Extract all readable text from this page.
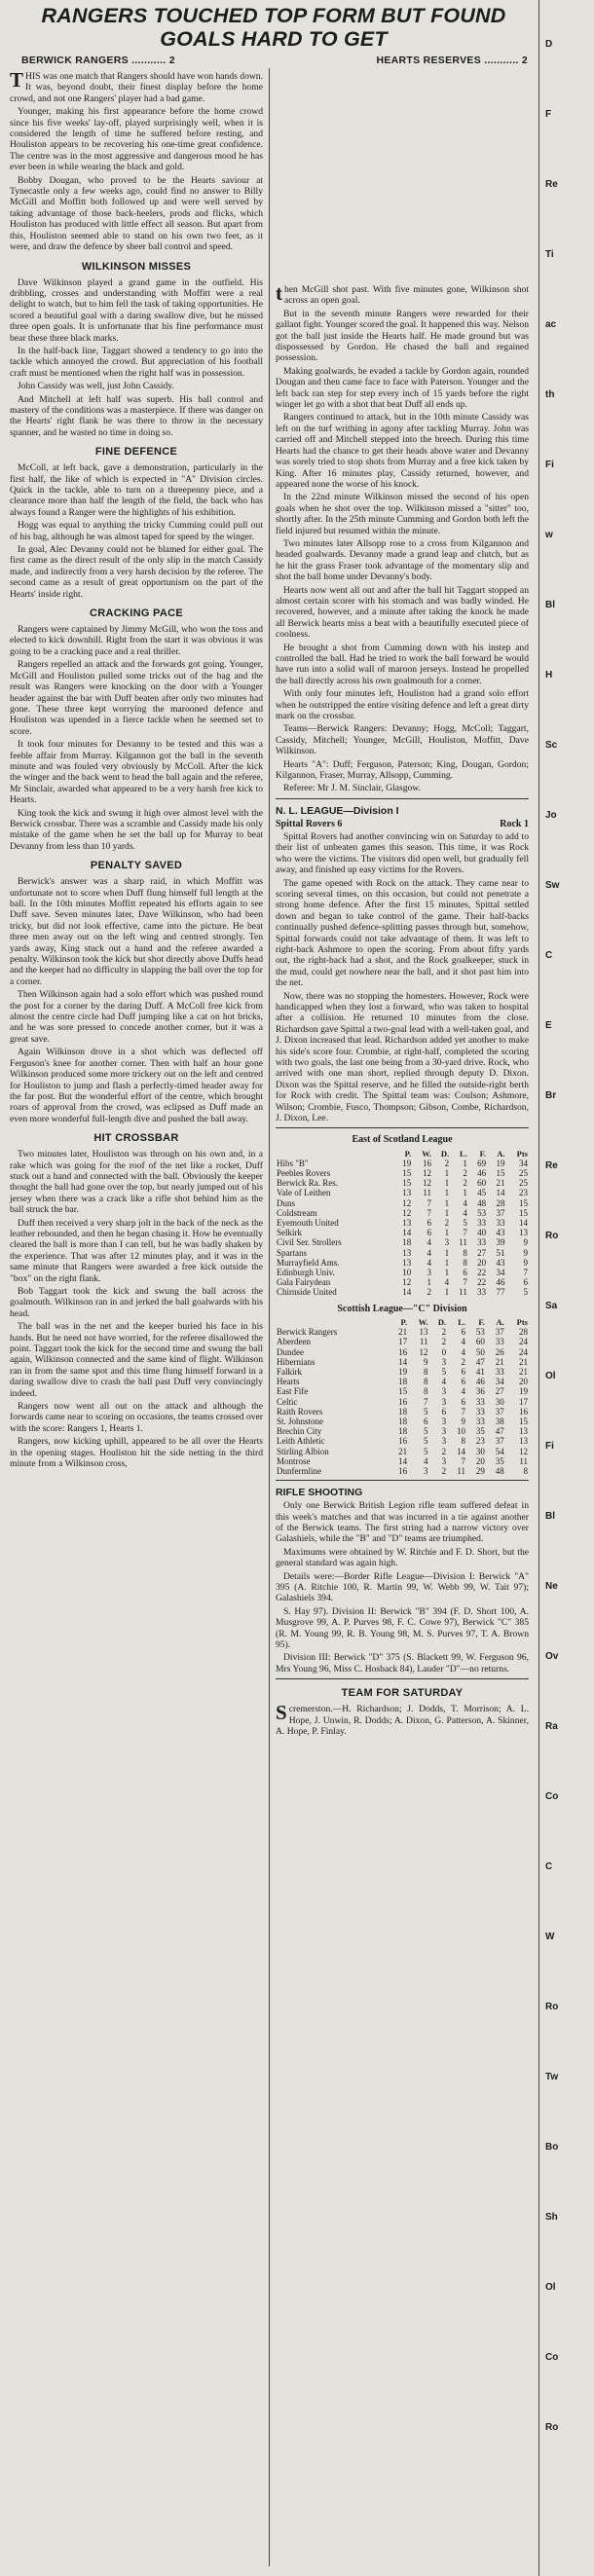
RANGERS TOUCHED TOP FORM BUT FOUND GOALS HARD TO GET
BERWICK RANGERS ........... 2	HEARTS RESERVES ........... 2

THIS was one match that Rangers should have won hands down. It was, beyond doubt, their finest display before the home crowd, and not one Rangers' player had a bad game.

Younger, making his first appearance before the home crowd since his five weeks' lay-off, played surprisingly well, when it is considered the length of time he suffered before resting, and Houliston appears to be recovering his one-time great confidence. The centre was in the most aggressive and dangerous mood he has ever been in while wearing the black and gold.

Bobby Dougan, who proved to be the Hearts saviour at Tynecastle only a few weeks ago, could find no answer to Billy McGill and Moffitt both followed up and were well served by taking advantage of those back-heelers, prods and flicks, which Houliston has produced with little effect all season. But apart from this, Houliston seemed able to stand on his own two feet, as it were, and draw the defence by sheer ball control and speed.

WILKINSON MISSES

Dave Wilkinson played a grand game in the outfield. His dribbling, crosses and understanding with Moffitt were a real delight to watch, but to him fell the task of taking opportunities. He scored a beautiful goal with a daring swallow dive, but he missed three open goals. It is unfortunate that his fine performance must bear these three black marks.

In the half-back line, Taggart showed a tendency to go into the tackle which annoyed the crowd. But appreciation of his football craft must be mentioned when the right half was in possession.

John Cassidy was well, just John Cassidy.

And Mitchell at left half was superb. His ball control and mastery of the conditions was a masterpiece. If there was danger on the Hearts' right flank he was there to throw in the necessary spanner, and he wasted no time in doing so.

FINE DEFENCE

McColl, at left back, gave a demonstration, particularly in the first half, the like of which is expected in "A" Division circles. Quick in the tackle, able to turn on a threepenny piece, and a clearance more than half the length of the field, the back who has always found a Ranger were the highlights of his exhibition.

Hogg was equal to anything the tricky Cumming could pull out of his bag, although he was almost taped for speed by the winger.

In goal, Alec Devanny could not be blamed for either goal. The first came as the direct result of the only slip in the match Cassidy made, and indirectly from a very harsh decision by the referee. The second came as a result of great opportunism on the part of the Hearts' inside right.

CRACKING PACE

Rangers were captained by Jimmy McGill, who won the toss and elected to kick downhill. Right from the start it was obvious it was going to be a cracking pace and a real thriller.

Rangers repelled an attack and the forwards got going. Younger, McGill and Houliston pulled some tricks out of the bag and the result was Rangers were knocking on the door with a Younger header against the bar with Duff beaten after only two minutes had gone. These three kept worrying the marooned defence and Houliston was upended in a fierce tackle when he seemed set to score.

It took four minutes for Devanny to be tested and this was a feeble affair from Murray. Kilgannon got the ball in the seventh minute and was fouled very obviously by McColl. After the kick the winger and the back went to head the ball again and the referee, Mr Sinclair, awarded what appeared to be a very harsh free kick to Hearts.

King took the kick and swung it high over almost level with the Berwick crossbar. There was a scramble and Cassidy made his only mistake of the game when he set the ball up for Murray to beat Devanny from less than 10 yards.

PENALTY SAVED

Berwick's answer was a sharp raid, in which Moffitt was unfortunate not to score when Duff flung himself full length at the ball. In the 10th minutes Moffitt repeated his efforts again to see Duff save. Seven minutes later, Dave Wilkinson, who had been tricky, but did not look effective, came into the picture. He beat three men away out on the left wing and centred strongly. Ten yards away, King stuck out a hand and the referee awarded a penalty. Wilkinson took the kick but shot directly above Duffs head and the keeper had no difficulty in slapping the ball over the top for a corner.

Then Wilkinson again had a solo effort which was pushed round the post for a corner by the daring Duff. A McColl free kick from almost the centre circle had Duff jumping like a cat on hot bricks, and he was sore pressed to concede another corner, but it was a great save.

Again Wilkinson drove in a shot which was deflected off Ferguson's knee for another corner. Then with half an hour gone Wilkinson produced some more trickery out on the left and centred for Houliston to jump and flash a perfectly-timed header away for the far post. But the wonderful effort of the centre, which brought roars of approval from the crowd, was eclipsed as Duff made an even more wonderful full-length dive and pushed the ball away.

HIT CROSSBAR

Two minutes later, Houliston was through on his own and, in a rake which was going for the roof of the net like a rocket, Duff stuck out a hand and connected with the ball. Obviously the keeper thought the ball had gone over the top, but nearly jumped out of his jersey when there was a crack like a rifle shot behind him as the ball struck the bar.

Duff then received a very sharp jolt in the back of the neck as the leather rebounded, and then he began chasing it. How he eventually cleared the ball is more than I can tell, but he was badly shaken by the experience. That was after 12 minutes play, and it was in the same minute that Rangers were awarded a free kick outside the "box" on the right flank.

Bob Taggart took the kick and swung the ball across the goalmouth. Wilkinson ran in and jerked the ball goalwards with his head.

The ball was in the net and the keeper buried his face in his hands. But he need not have worried, for the referee disallowed the point. Taggart took the kick for the second time and swung the ball again, Wilkinson connected and the same kind of flight. Wilkinson ran in from the same spot and this time flung himself forward in a daring swallow dive to crash the ball past Duff very convincingly indeed.

Rangers now went all out on the attack and although the forwards came near to scoring on occasions, the teams crossed over with the score: Rangers 1, Hearts 1.

Rangers, now kicking uphill, appeared to be all over the Hearts in the opening stages. Houliston hit the side netting in the third minute from a Wilkinson cross,

then McGill shot past. With five minutes gone, Wilkinson shot across an open goal.

But in the seventh minute Rangers were rewarded for their gallant fight. Younger scored the goal. It happened this way. Nelson got the ball just inside the Hearts half. He made ground but was dispossessed by Gordon. He chased the ball and regained possession.

Making goalwards, he evaded a tackle by Gordon again, rounded Dougan and then came face to face with Paterson. Younger and the left back ran step for step every inch of 15 yards before the right winger let go with a shot that beat Duff all ends up.

Rangers continued to attack, but in the 10th minute Cassidy was left on the turf writhing in agony after tackling Murray. John was carried off and Mitchell stepped into the breech. During this time Hearts had the chance to get their heads above water and Devanny was sorely tried to stop shots from Murray and a free kick taken by King. After 16 minutes play, Cassidy returned, however, and appeared none the worse of his knock.

In the 22nd minute Wilkinson missed the second of his open goals when he shot over the top. Wilkinson missed a "sitter" too, shortly after. In the 25th minute Cumming and Gordon both left the field injured but resumed within the minute.

Two minutes later Allsopp rose to a cross from Kilgannon and headed goalwards. Devanny made a grand leap and clutch, but as he hit the grass Fraser took advantage of the momentary slip and shot the ball home under Devanny's body.

Hearts now went all out and after the ball hit Taggart stopped an almost certain scorer with his stomach and was badly winded. He recovered, however, and a minute after taking the knock he made all Berwick hearts miss a beat with a beautifully executed piece of coolness.

He brought a shot from Cumming down with his instep and controlled the ball. Had he tried to work the ball forward he would have run into a solid wall of maroon jerseys. Instead he propelled the ball directly across his own goalmouth for a corner.

With only four minutes left, Houliston had a grand solo effort when he outstripped the entire visiting defence and left a great dirty mark on the crossbar.

Teams—Berwick Rangers: Devanny; Hogg, McColl; Taggart, Cassidy, Mitchell; Younger, McGill, Houliston, Moffitt, Dave Wilkinson.

Hearts "A": Duff; Ferguson, Paterson; King, Dougan, Gordon; Kilgannon, Fraser, Murray, Allsopp, Cumming.

Referee: Mr J. M. Sinclair, Glasgow.

N. L. LEAGUE—Division I
Spittal Rovers 6	Rock 1

Spittal Rovers had another convincing win on Saturday to add to their list of unbeaten games this season. This time, it was Rock who were the victims. The visitors did open well, but gradually fell away, and finished up easy victims for the Rovers.

The game opened with Rock on the attack. They came near to scoring several times, on this occasion, but could not penetrate a strong home defence. After the first 15 minutes, Spittal settled down and began to take control of the game. Their half-backs continually pushed defence-splitting passes through but, somehow, Spittal forwards could not take advantage of them. It was left to right-back Ashmore to open the scoring. From about fifty yards out, the right-back had a shot, and the Rock goalkeeper, stuck in the mud, could get nowhere near the ball, and it shot past him into the net.

Now, there was no stopping the homesters. However, Rock were handicapped when they lost a forward, who was taken to hospital after a collision. He returned 10 minutes from the close. Richardson gave Spittal a two-goal lead with a well-taken goal, and J. Dixon increased that lead. Richardson added yet another to make his side's score four. Crombie, at right-half, completed the scoring with two goals, the last one being from a 30-yard drive. Rock, who arrived with one man short, replied through deputy D. Dixon. Dixon was the Spittal reserve, and he filled the outside-right berth for Rock with credit. The Spittal team was: Coulson; Ashmore, Wilson; Crombie, Fusco, Thompson; Gibson, Combe, Richardson, J. Dixon, Lee.

East of Scotland League
	P.	W.	D.	L.	F.	A.	Pts
Hibs "B"	19	16	2	1	69	19	34
Peebles Rovers	15	12	1	2	46	15	25
Berwick Ra. Res.	15	12	1	2	60	21	25
Vale of Leithen	13	11	1	1	45	14	23
Duns	12	7	1	4	48	28	15
Coldstream	12	7	1	4	53	37	15
Eyemouth United	13	6	2	5	33	33	14
Selkirk	14	6	1	7	40	43	13
Civil Ser. Strollers	18	4	3	11	33	39	9
Spartans	13	4	1	8	27	51	9
Murrayfield Ams.	13	4	1	8	20	43	9
Edinburgh Univ.	10	3	1	6	22	34	7
Gala Fairydean	12	1	4	7	22	46	6
Chirnside United	14	2	1	11	33	77	5
Scottish League—"C" Division
	P.	W.	D.	L.	F.	A.	Pts
Berwick Rangers	21	13	2	6	53	37	28
Aberdeen	17	11	2	4	60	33	24
Dundee	16	12	0	4	50	26	24
Hibernians	14	9	3	2	47	21	21
Falkirk	19	8	5	6	41	33	21
Hearts	18	8	4	6	46	34	20
East Fife	15	8	3	4	36	27	19
Celtic	16	7	3	6	33	30	17
Raith Rovers	18	5	6	7	33	37	16
St. Johnstone	18	6	3	9	33	38	15
Brechin City	18	5	3	10	35	47	13
Leith Athletic	16	5	3	8	23	37	13
Stirling Albion	21	5	2	14	30	54	12
Montrose	14	4	3	7	20	35	11
Dunfermline	16	3	2	11	29	48	8
RIFLE SHOOTING

Only one Berwick British Legion rifle team suffered defeat in this week's matches and that was incurred in a tie against another of the Berwick teams. The first string had a narrow victory over Galashiels, while the "B" and "D" teams are triumphed.

Maximums were obtained by W. Ritchie and F. D. Short, but the general standard was again high.

Details were:—Border Rifle League—Division I: Berwick "A" 395 (A. Ritchie 100, R. Martin 99, W. Webb 99, W. Tait 97); Galashiels 394.

S. Hay 97). Division II: Berwick "B" 394 (F. D. Short 100, A. Musgrove 99, A. P. Purves 98, F. C. Cowe 97), Berwick "C" 385 (R. M. Young 99, R. B. Young 98, M. S. Purves 97, T. A. Brown 95).

Division III: Berwick "D" 375 (S. Blackett 99, W. Ferguson 96, Mrs Young 96, Miss C. Hosback 84), Lauder "D"—no returns.

TEAM FOR SATURDAY

Scremerston.—H. Richardson; J. Dodds, T. Morrison; A. L. Hope, J. Unwin, R. Dodds; A. Dixon, G. Patterson, A. Skinner, A. Hope, P. Finlay.

D
F
Re
Ti
ac
th
Fi
w
Bl
H
Sc
Jo
Sw
C
E
Br
Re
Ro
Sa
Ol
Fi
Bl
Ne
Ov
Ra
Co
C
W
Ro
Tw
Bo
Sh
Ol
Co
Ro
